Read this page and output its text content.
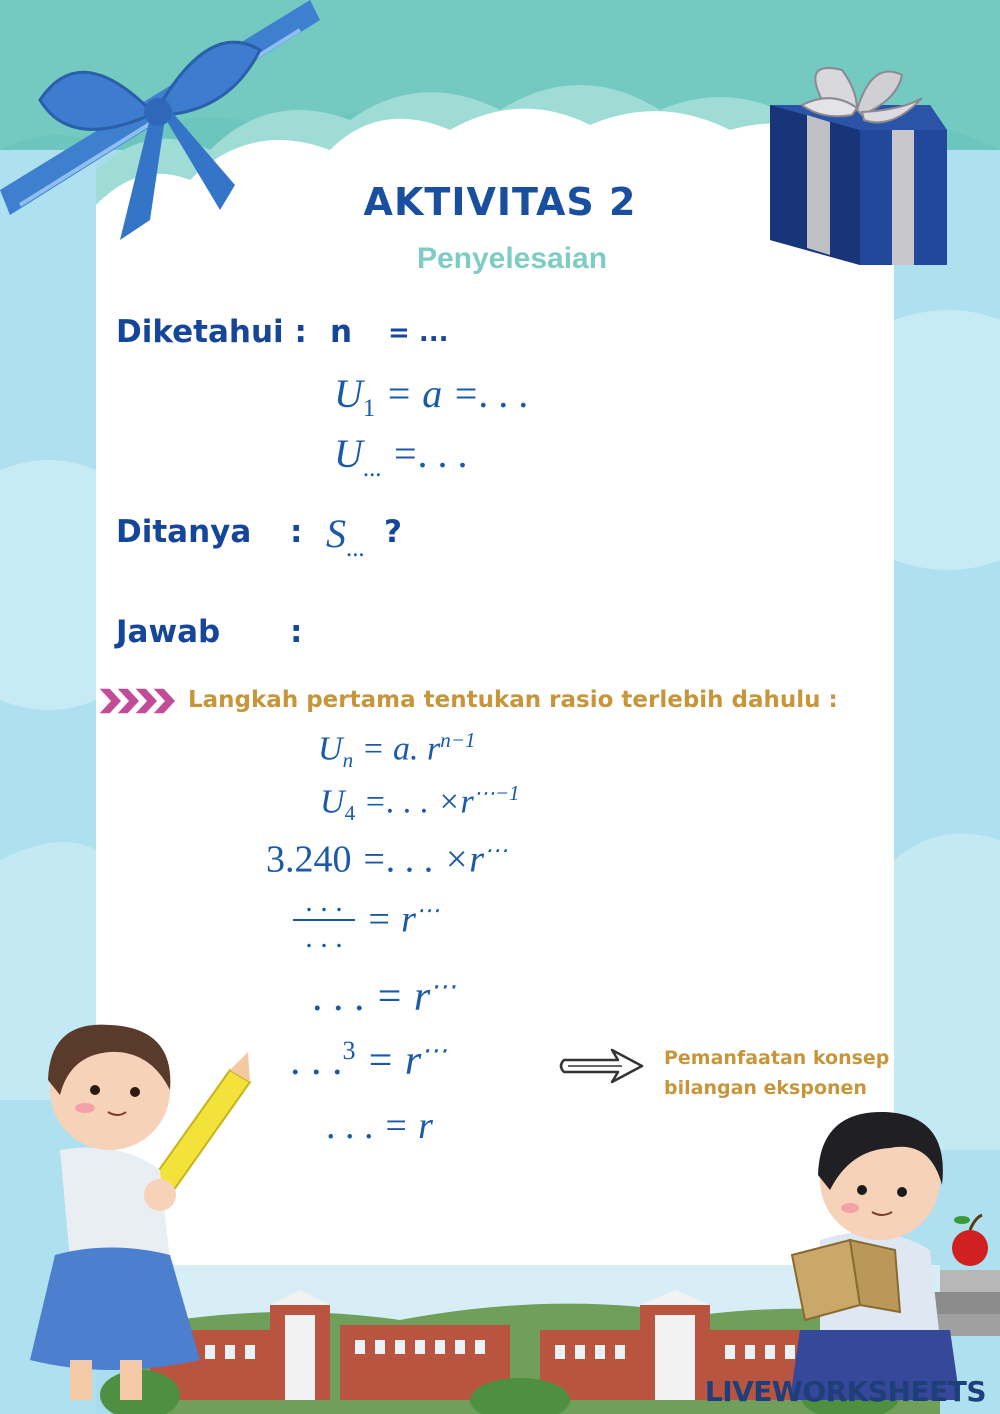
AKTIVITAS 2
Penyelesaian
Diketahui : n = ...
$U_1 = a$ =. . .
$U_{...}$ =. . .
Ditanya : $S_{...}$ ?
Jawab :
Langkah pertama tentukan rasio terlebih dahulu :
$U_n = a$. $r^{n-1}$
$U_4$ =. . . $\times r^{\cdots-1}$
3.240 =. . . ×r⋯
. . .
. . . = r⋯
. . . = r⋯
. . .$^3$ = r⋯
. . . = r
Pemanfaatan konsep
bilangan eksponen
LIVEWORKSHEETS
